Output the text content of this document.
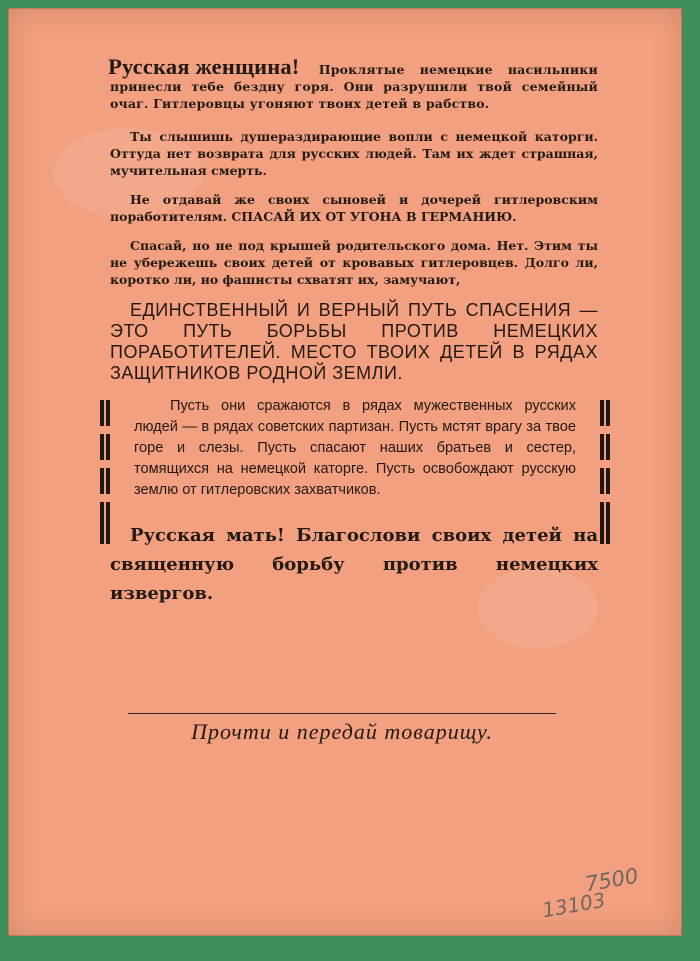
Русская женщина! Проклятые немецкие насильники принесли тебе бездну горя. Они разрушили твой семейный очаг. Гитлеровцы угоняют твоих детей в рабство.

Ты слышишь душераздирающие вопли с немецкой каторги. Оттуда нет возврата для русских людей. Там их ждет страшная, мучительная смерть.

Не отдавай же своих сыновей и дочерей гитлеровским поработителям. СПАСАЙ ИХ ОТ УГОНА В ГЕРМАНИЮ.

Спасай, но не под крышей родительского дома. Нет. Этим ты не убережешь своих детей от кровавых гитлеровцев. Долго ли, коротко ли, но фашисты схватят их, замучают,

ЕДИНСТВЕННЫЙ И ВЕРНЫЙ ПУТЬ СПАСЕНИЯ — ЭТО ПУТЬ БОРЬБЫ ПРОТИВ НЕМЕЦКИХ ПОРАБОТИТЕЛЕЙ. МЕСТО ТВОИХ ДЕТЕЙ В РЯДАХ ЗАЩИТНИКОВ РОДНОЙ ЗЕМЛИ.

Пусть они сражаются в рядах мужественных русских людей — в рядах советских партизан. Пусть мстят врагу за твое горе и слезы. Пусть спасают наших братьев и сестер, томящихся на немецкой каторге. Пусть освобождают русскую землю от гитлеровских захватчиков.

Русская мать! Благослови своих детей на священную борьбу против немецких извергов.

Прочти и передай товарищу.
7500
13103
